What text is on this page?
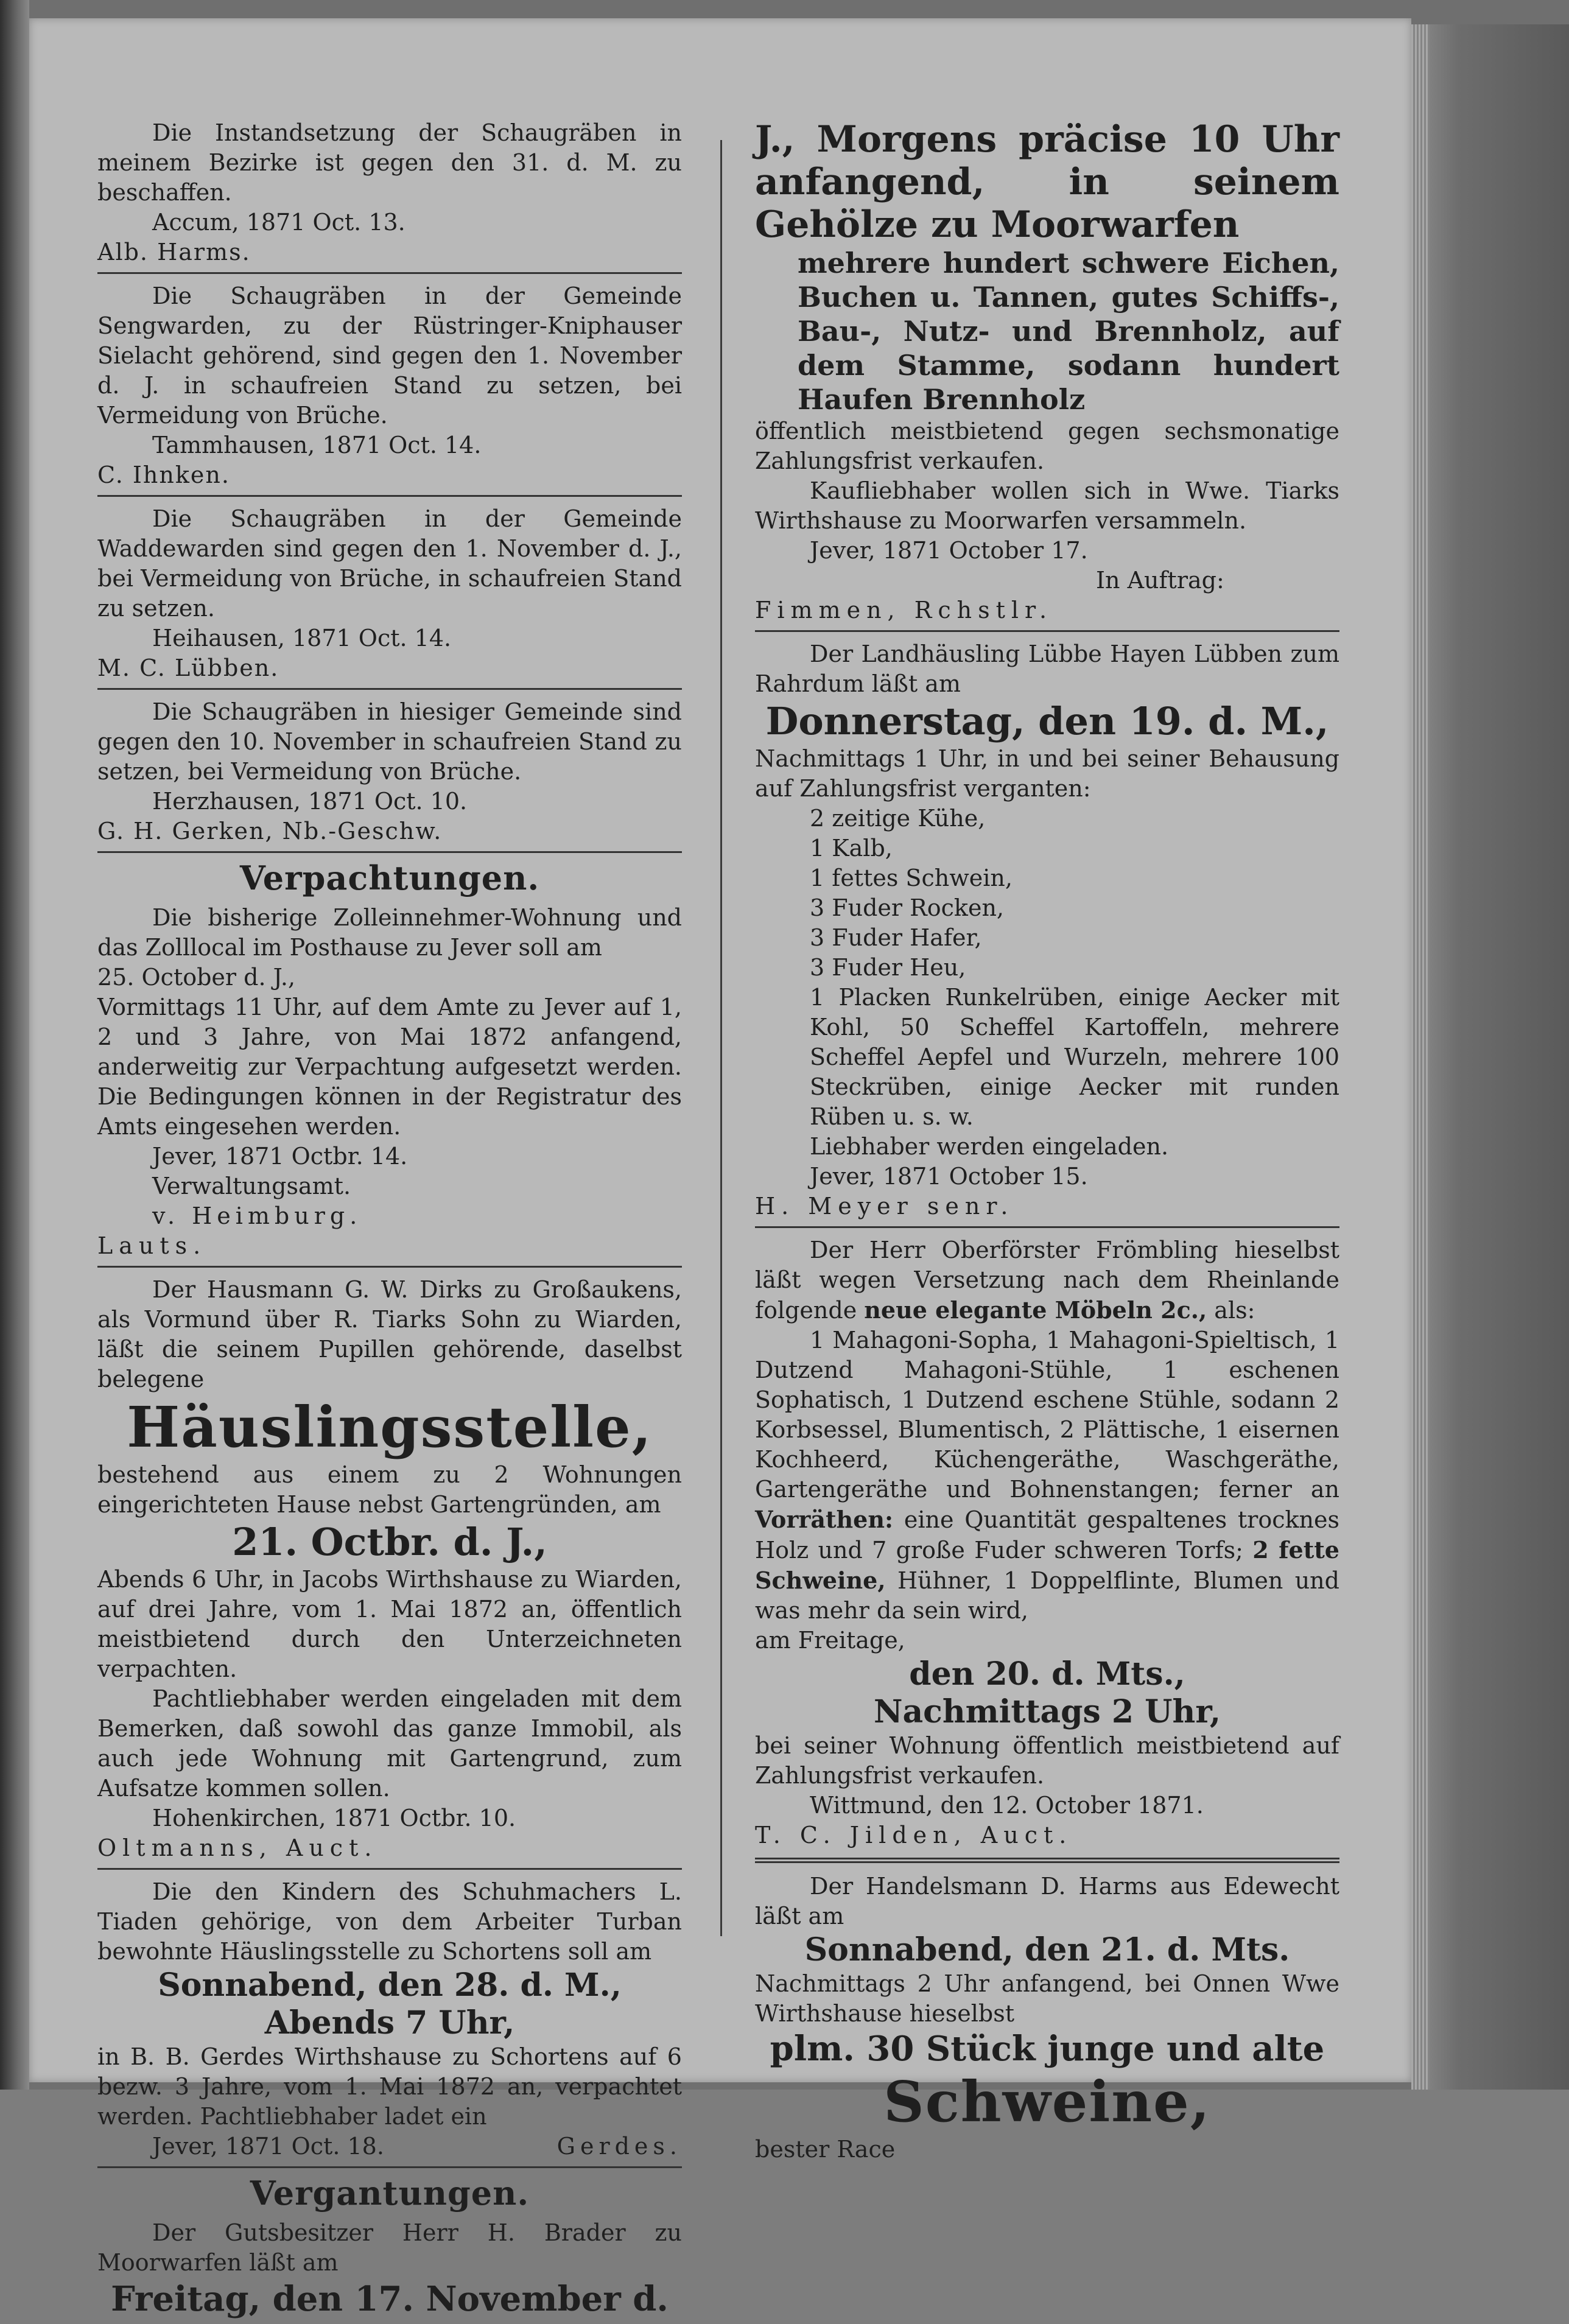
Die Instandsetzung der Schaugräben in meinem Bezirke ist gegen den 31. d. M. zu beschaffen.

Accum, 1871 Oct. 13.

Alb. Harms.

Die Schaugräben in der Gemeinde Sengwarden, zu der Rüstringer-Kniphauser Sielacht gehörend, sind gegen den 1. November d. J. in schaufreien Stand zu setzen, bei Vermeidung von Brüche.

Tammhausen, 1871 Oct. 14.

C. Ihnken.

Die Schaugräben in der Gemeinde Waddewarden sind gegen den 1. November d. J., bei Vermeidung von Brüche, in schaufreien Stand zu setzen.

Heihausen, 1871 Oct. 14.

M. C. Lübben.

Die Schaugräben in hiesiger Gemeinde sind gegen den 10. November in schaufreien Stand zu setzen, bei Vermeidung von Brüche.

Herzhausen, 1871 Oct. 10.

G. H. Gerken, Nb.-Geschw.

Verpachtungen.

Die bisherige Zolleinnehmer-Wohnung und das Zolllocal im Posthause zu Jever soll am

25. October d. J.,

Vormittags 11 Uhr, auf dem Amte zu Jever auf 1, 2 und 3 Jahre, von Mai 1872 anfangend, anderweitig zur Verpachtung aufgesetzt werden. Die Bedingungen können in der Registratur des Amts eingesehen werden.

Jever, 1871 Octbr. 14.

Verwaltungsamt.

v. Heimburg.

Lauts.

Der Hausmann G. W. Dirks zu Großaukens, als Vormund über R. Tiarks Sohn zu Wiarden, läßt die seinem Pupillen gehörende, daselbst belegene

Häuslingsstelle,

bestehend aus einem zu 2 Wohnungen eingerichteten Hause nebst Gartengründen, am

21. Octbr. d. J.,

Abends 6 Uhr, in Jacobs Wirthshause zu Wiarden, auf drei Jahre, vom 1. Mai 1872 an, öffentlich meistbietend durch den Unterzeichneten verpachten.

Pachtliebhaber werden eingeladen mit dem Bemerken, daß sowohl das ganze Immobil, als auch jede Wohnung mit Gartengrund, zum Aufsatze kommen sollen.

Hohenkirchen, 1871 Octbr. 10.

Oltmanns, Auct.

Die den Kindern des Schuhmachers L. Tiaden gehörige, von dem Arbeiter Turban bewohnte Häuslingsstelle zu Schortens soll am

Sonnabend, den 28. d. M.,
Abends 7 Uhr,

in B. B. Gerdes Wirthshause zu Schortens auf 6 bezw. 3 Jahre, vom 1. Mai 1872 an, verpachtet werden. Pachtliebhaber ladet ein

Jever, 1871 Oct. 18.	Gerdes.
Vergantungen.

Der Gutsbesitzer Herr H. Brader zu Moorwarfen läßt am

Freitag, den 17. November d.

J., Morgens präcise 10 Uhr anfangend, in seinem Gehölze zu Moorwarfen

mehrere hundert schwere Eichen, Buchen u. Tannen, gutes Schiffs-, Bau-, Nutz- und Brennholz, auf dem Stamme, sodann hundert Haufen Brennholz

öffentlich meistbietend gegen sechsmonatige Zahlungsfrist verkaufen.

Kaufliebhaber wollen sich in Wwe. Tiarks Wirthshause zu Moorwarfen versammeln.

Jever, 1871 October 17.

In Auftrag:

Fimmen, Rchstlr.

Der Landhäusling Lübbe Hayen Lübben zum Rahrdum läßt am

Donnerstag, den 19. d. M.,

Nachmittags 1 Uhr, in und bei seiner Behausung auf Zahlungsfrist verganten:

2 zeitige Kühe,
1 Kalb,
1 fettes Schwein,
3 Fuder Rocken,
3 Fuder Hafer,
3 Fuder Heu,

1 Placken Runkelrüben, einige Aecker mit Kohl, 50 Scheffel Kartoffeln, mehrere Scheffel Aepfel und Wurzeln, mehrere 100 Steckrüben, einige Aecker mit runden Rüben u. s. w.

Liebhaber werden eingeladen.

Jever, 1871 October 15.

H. Meyer senr.

Der Herr Oberförster Frömbling hieselbst läßt wegen Versetzung nach dem Rheinlande folgende neue elegante Möbeln 2c., als:

1 Mahagoni-Sopha, 1 Mahagoni-Spieltisch, 1 Dutzend Mahagoni-Stühle, 1 eschenen Sophatisch, 1 Dutzend eschene Stühle, sodann 2 Korbsessel, Blumentisch, 2 Plättische, 1 eisernen Kochheerd, Küchengeräthe, Waschgeräthe, Gartengeräthe und Bohnenstangen; ferner an Vorräthen: eine Quantität gespaltenes trocknes Holz und 7 große Fuder schweren Torfs; 2 fette Schweine, Hühner, 1 Doppelflinte, Blumen und was mehr da sein wird,

am Freitage,

den 20. d. Mts.,
Nachmittags 2 Uhr,

bei seiner Wohnung öffentlich meistbietend auf Zahlungsfrist verkaufen.

Wittmund, den 12. October 1871.

T. C. Jilden, Auct.

Der Handelsmann D. Harms aus Edewecht läßt am

Sonnabend, den 21. d. Mts.

Nachmittags 2 Uhr anfangend, bei Onnen Wwe Wirthshause hieselbst

plm. 30 Stück junge und alte
Schweine,

bester Race
